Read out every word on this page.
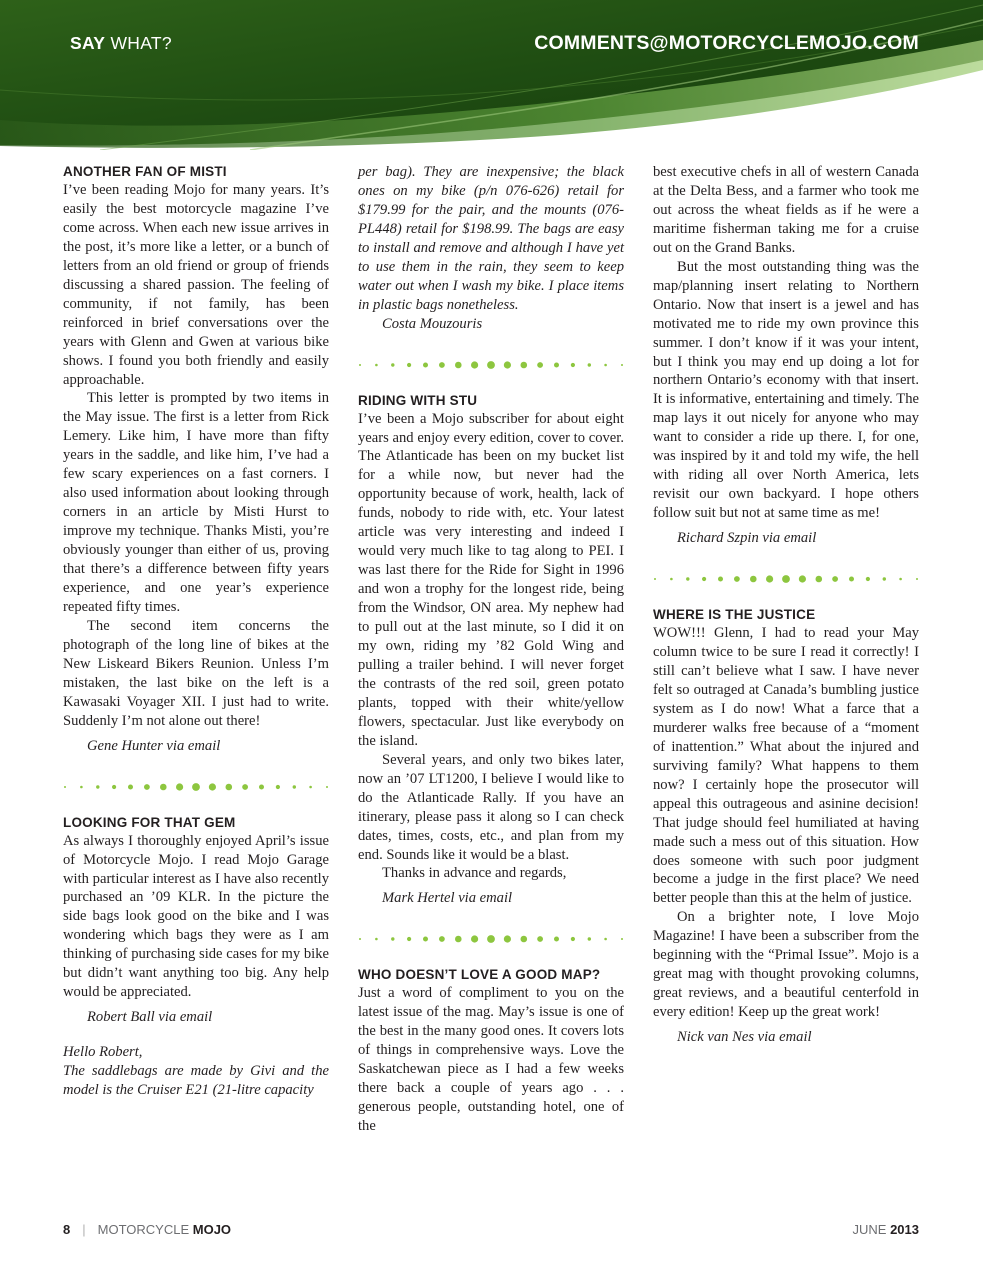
SAY WHAT?	COMMENTS@MOTORCYCLEMOJO.COM
ANOTHER FAN OF MISTI

I’ve been reading Mojo for many years. It’s easily the best motorcycle magazine I’ve come across. When each new issue arrives in the post, it’s more like a letter, or a bunch of letters from an old friend or group of friends discussing a shared passion. The feeling of community, if not family, has been reinforced in brief conversations over the years with Glenn and Gwen at various bike shows. I found you both friendly and easily approachable.

This letter is prompted by two items in the May issue. The first is a letter from Rick Lemery. Like him, I have more than fifty years in the saddle, and like him, I’ve had a few scary experiences on a fast corners. I also used information about looking through corners in an article by Misti Hurst to improve my technique. Thanks Misti, you’re obviously younger than either of us, proving that there’s a difference between fifty years experience, and one year’s experience repeated fifty times.

The second item concerns the photograph of the long line of bikes at the New Liskeard Bikers Reunion. Unless I’m mistaken, the last bike on the left is a Kawasaki Voyager XII. I just had to write. Suddenly I’m not alone out there!

Gene Hunter via email

LOOKING FOR THAT GEM

As always I thoroughly enjoyed April’s issue of Motorcycle Mojo. I read Mojo Garage with particular interest as I have also recently purchased an ’09 KLR. In the picture the side bags look good on the bike and I was wondering which bags they were as I am thinking of purchasing side cases for my bike but didn’t want anything too big. Any help would be appreciated.

Robert Ball via email

Hello Robert,

The saddlebags are made by Givi and the model is the Cruiser E21 (21-litre capacity

per bag). They are inexpensive; the black ones on my bike (p/n 076-626) retail for $179.99 for the pair, and the mounts (076-PL448) retail for $198.99. The bags are easy to install and remove and although I have yet to use them in the rain, they seem to keep water out when I wash my bike. I place items in plastic bags nonetheless.

Costa Mouzouris

RIDING WITH STU

I’ve been a Mojo subscriber for about eight years and enjoy every edition, cover to cover. The Atlanticade has been on my bucket list for a while now, but never had the opportunity because of work, health, lack of funds, nobody to ride with, etc. Your latest article was very interesting and indeed I would very much like to tag along to PEI. I was last there for the Ride for Sight in 1996 and won a trophy for the longest ride, being from the Windsor, ON area. My nephew had to pull out at the last minute, so I did it on my own, riding my ’82 Gold Wing and pulling a trailer behind. I will never forget the contrasts of the red soil, green potato plants, topped with their white/yellow flowers, spectacular. Just like everybody on the island.

Several years, and only two bikes later, now an ’07 LT1200, I believe I would like to do the Atlanticade Rally. If you have an itinerary, please pass it along so I can check dates, times, costs, etc., and plan from my end. Sounds like it would be a blast.

Thanks in advance and regards,

Mark Hertel via email

WHO DOESN’T LOVE A GOOD MAP?

Just a word of compliment to you on the latest issue of the mag. May’s issue is one of the best in the many good ones. It covers lots of things in comprehensive ways. Love the Saskatchewan piece as I had a few weeks there back a couple of years ago . . . generous people, outstanding hotel, one of the

best executive chefs in all of western Canada at the Delta Bess, and a farmer who took me out across the wheat fields as if he were a maritime fisherman taking me for a cruise out on the Grand Banks.

But the most outstanding thing was the map/planning insert relating to Northern Ontario. Now that insert is a jewel and has motivated me to ride my own province this summer. I don’t know if it was your intent, but I think you may end up doing a lot for northern Ontario’s economy with that insert. It is informative, entertaining and timely. The map lays it out nicely for anyone who may want to consider a ride up there. I, for one, was inspired by it and told my wife, the hell with riding all over North America, lets revisit our own backyard. I hope others follow suit but not at same time as me!

Richard Szpin via email

WHERE IS THE JUSTICE

WOW!!! Glenn, I had to read your May column twice to be sure I read it correctly! I still can’t believe what I saw. I have never felt so outraged at Canada’s bumbling justice system as I do now! What a farce that a murderer walks free because of a “moment of inattention.” What about the injured and surviving family? What happens to them now? I certainly hope the prosecutor will appeal this outrageous and asinine decision! That judge should feel humiliated at having made such a mess out of this situation. How does someone with such poor judgment become a judge in the first place? We need better people than this at the helm of justice.

On a brighter note, I love Mojo Magazine! I have been a subscriber from the beginning with the “Primal Issue”. Mojo is a great mag with thought provoking columns, great reviews, and a beautiful centerfold in every edition! Keep up the great work!

Nick van Nes via email

8 | MOTORCYCLE MOJO	JUNE 2013
